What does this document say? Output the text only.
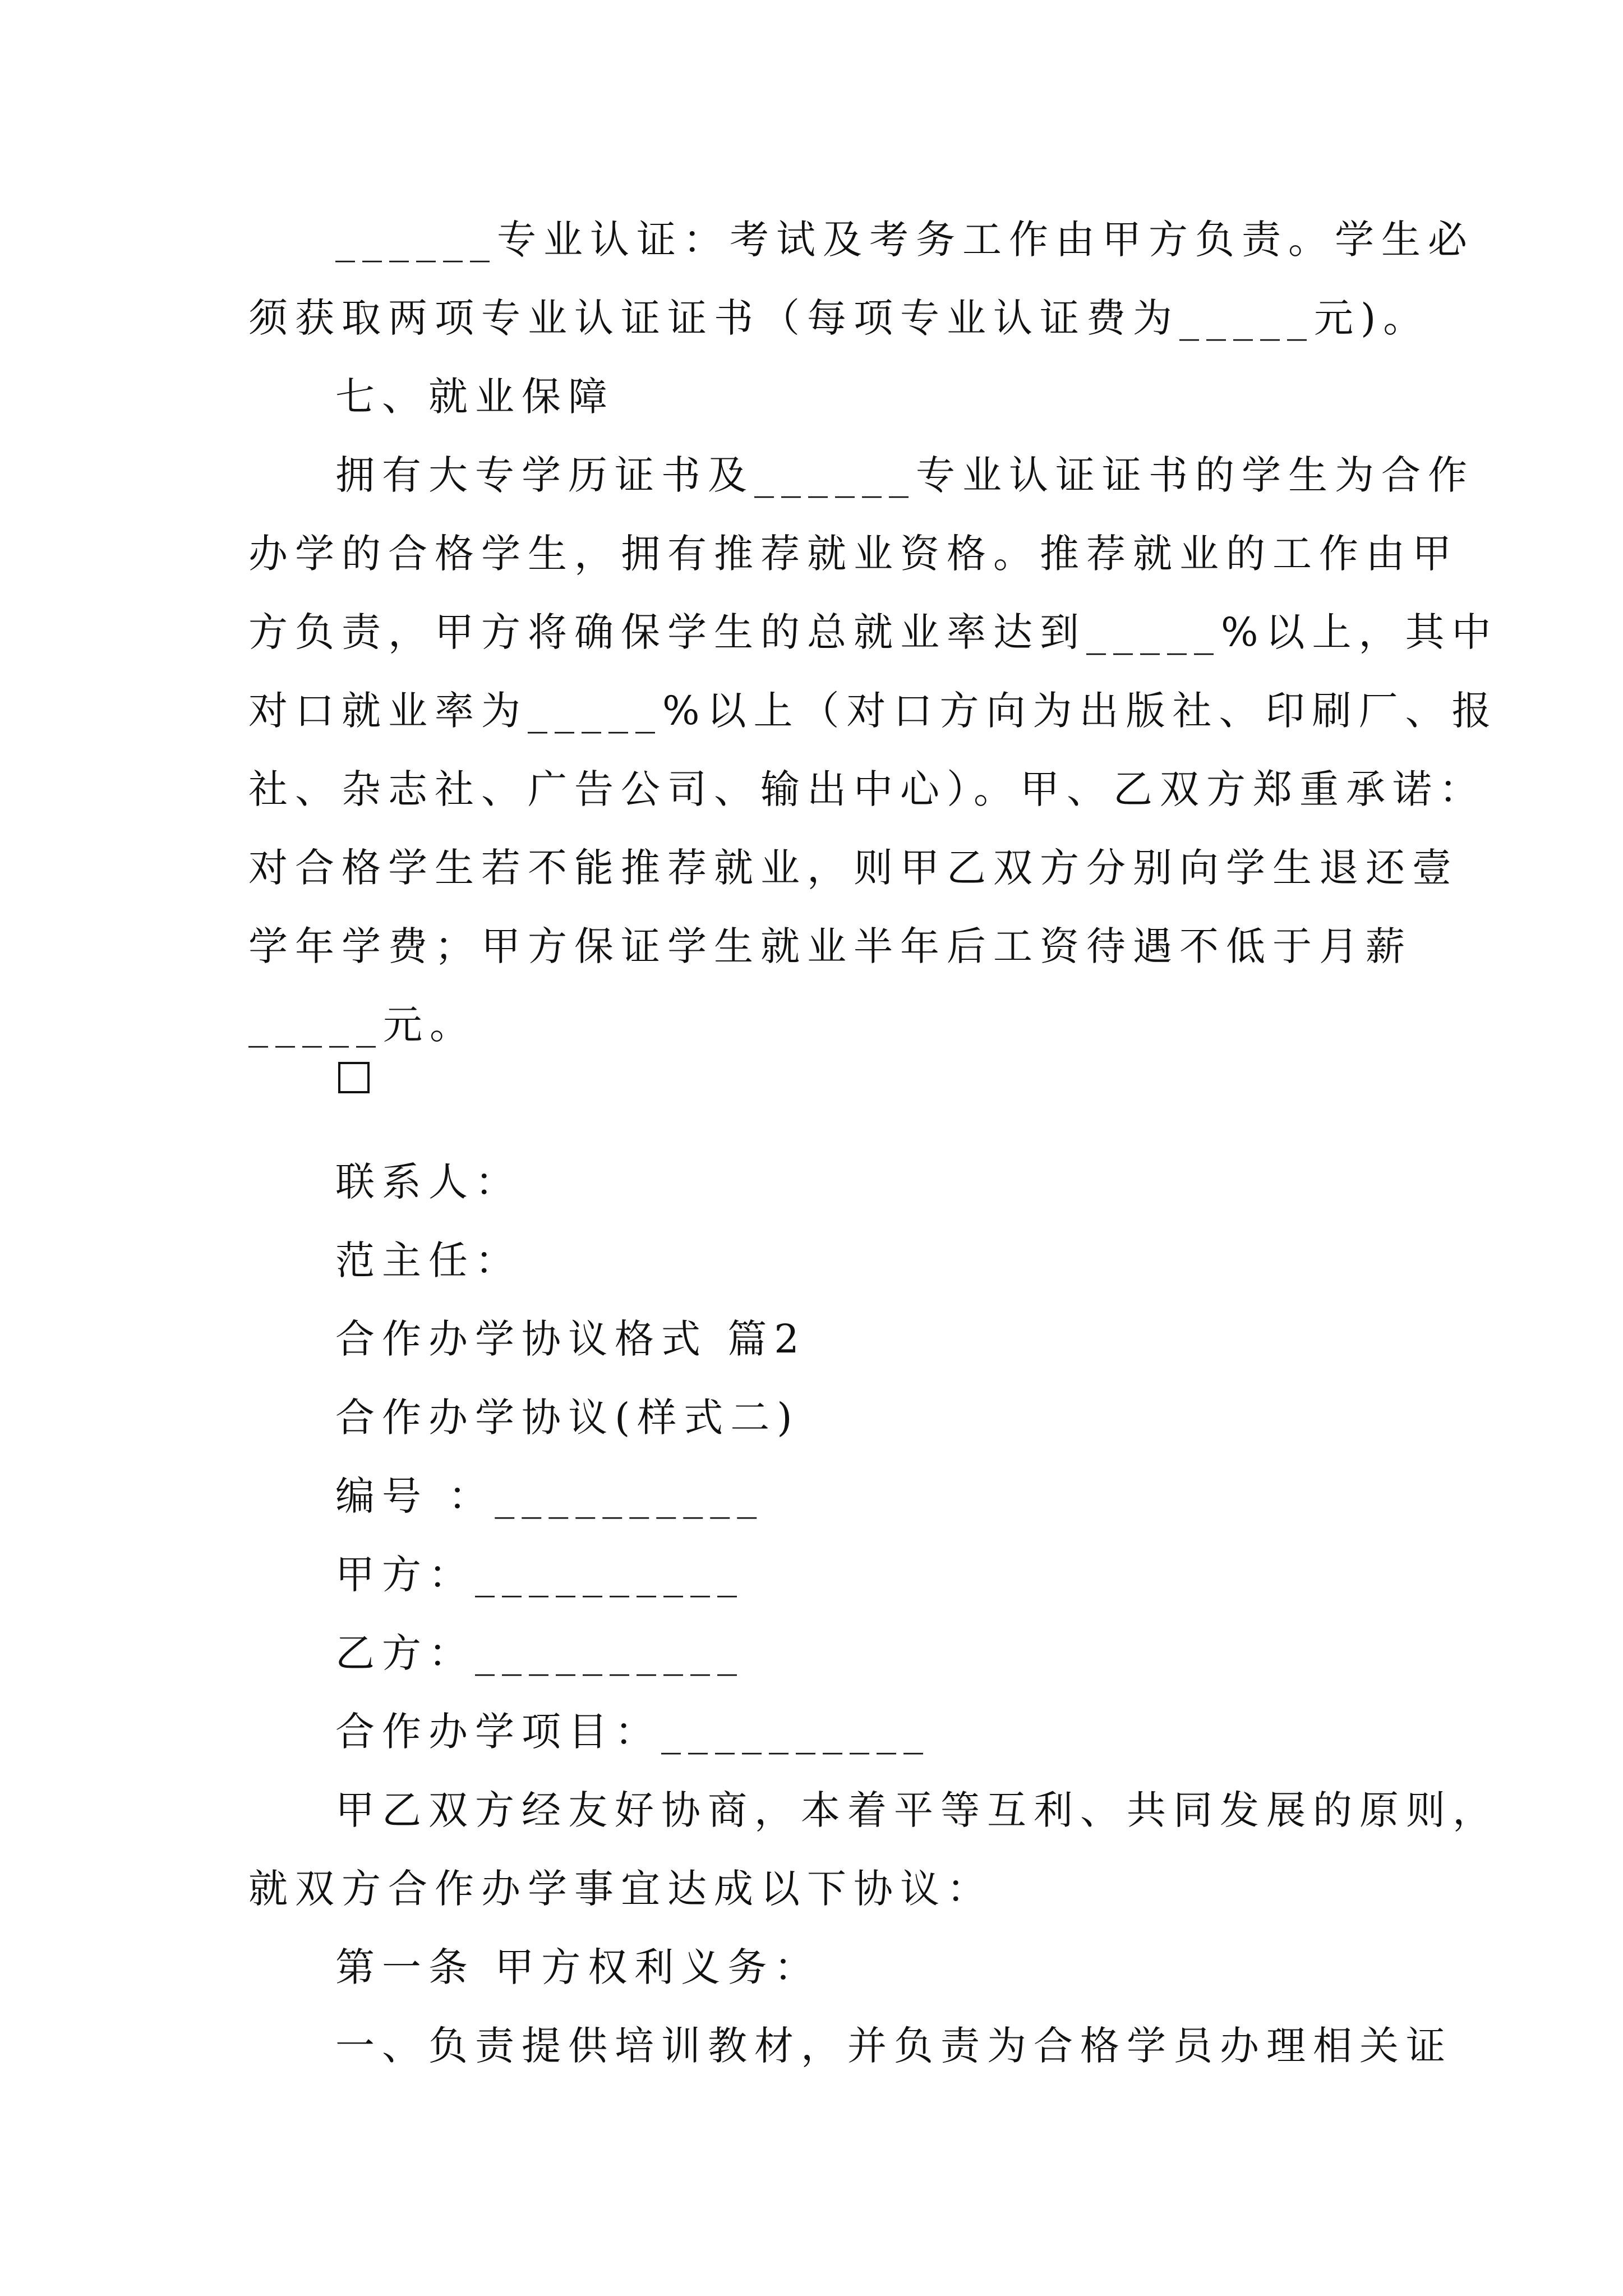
______专业认证：考试及考务工作由甲方负责。学生必
须获取两项专业认证证书（每项专业认证费为_____元)。
七、就业保障
拥有大专学历证书及______专业认证证书的学生为合作
办学的合格学生，拥有推荐就业资格。推荐就业的工作由甲
方负责，甲方将确保学生的总就业率达到_____%以上，其中
对口就业率为_____%以上（对口方向为出版社、印刷厂、报
社、杂志社、广告公司、输出中心）。甲、乙双方郑重承诺：
对合格学生若不能推荐就业，则甲乙双方分别向学生退还壹
学年学费；甲方保证学生就业半年后工资待遇不低于月薪
_____元。
联系人：
范主任：
合作办学协议格式 篇2
合作办学协议(样式二)
编号 ：__________
甲方：__________
乙方：__________
合作办学项目：__________
甲乙双方经友好协商，本着平等互利、共同发展的原则，
就双方合作办学事宜达成以下协议：
第一条 甲方权利义务：
一、负责提供培训教材，并负责为合格学员办理相关证
